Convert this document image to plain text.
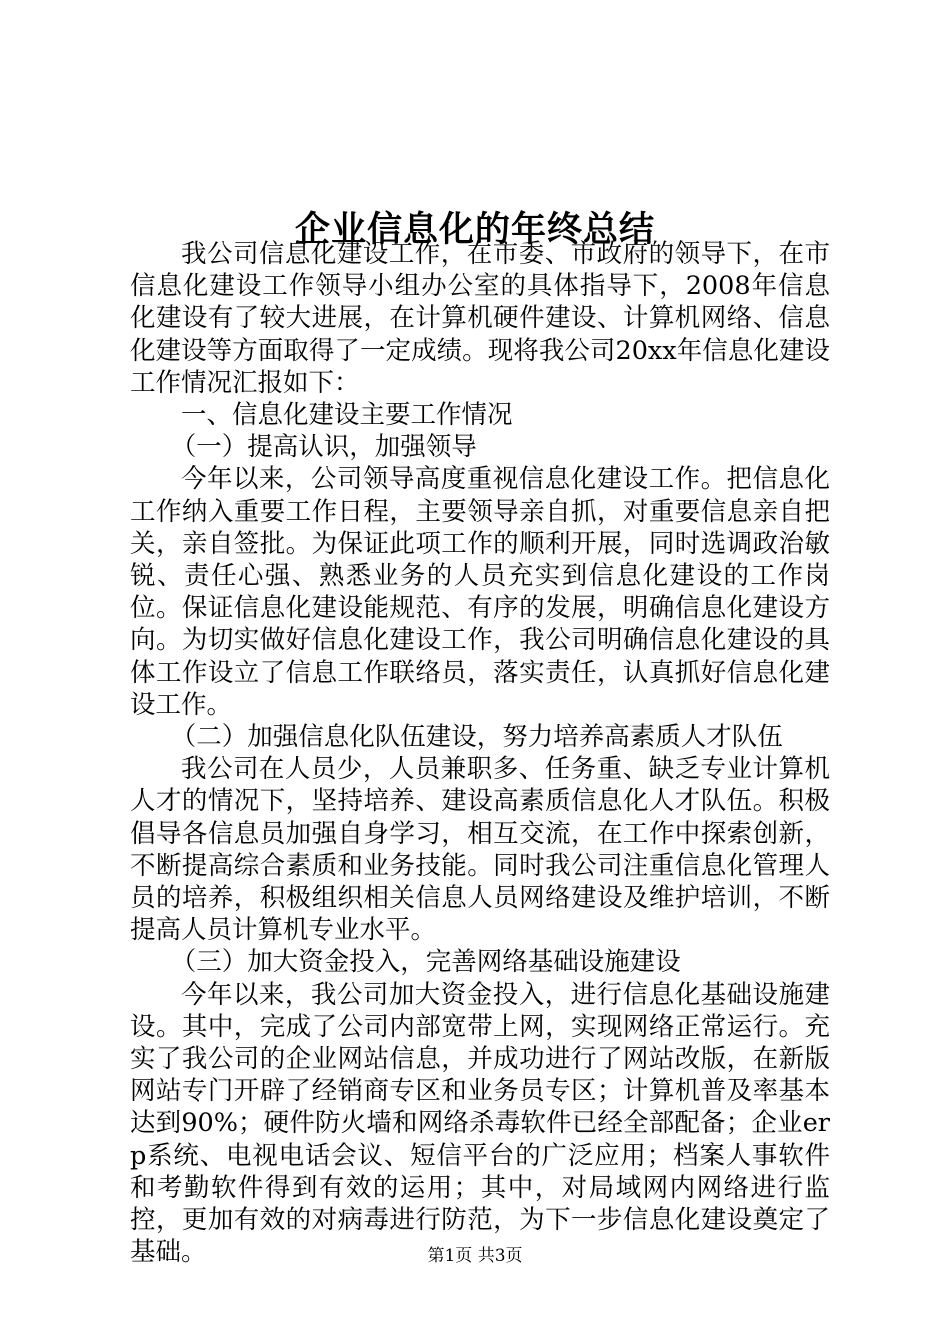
企业信息化的年终总结

我公司信息化建设工作，在市委、市政府的领导下，在市信息化建设工作领导小组办公室的具体指导下，2008年信息化建设有了较大进展，在计算机硬件建设、计算机网络、信息化建设等方面取得了一定成绩。现将我公司20xx年信息化建设工作情况汇报如下：

一、信息化建设主要工作情况

（一）提高认识，加强领导

今年以来，公司领导高度重视信息化建设工作。把信息化工作纳入重要工作日程，主要领导亲自抓，对重要信息亲自把关，亲自签批。为保证此项工作的顺利开展，同时选调政治敏锐、责任心强、熟悉业务的人员充实到信息化建设的工作岗位。保证信息化建设能规范、有序的发展，明确信息化建设方向。为切实做好信息化建设工作，我公司明确信息化建设的具体工作设立了信息工作联络员，落实责任，认真抓好信息化建设工作。

（二）加强信息化队伍建设，努力培养高素质人才队伍

我公司在人员少，人员兼职多、任务重、缺乏专业计算机人才的情况下，坚持培养、建设高素质信息化人才队伍。积极倡导各信息员加强自身学习，相互交流，在工作中探索创新，不断提高综合素质和业务技能。同时我公司注重信息化管理人员的培养，积极组织相关信息人员网络建设及维护培训，不断提高人员计算机专业水平。

（三）加大资金投入，完善网络基础设施建设

今年以来，我公司加大资金投入，进行信息化基础设施建设。其中，完成了公司内部宽带上网，实现网络正常运行。充实了我公司的企业网站信息，并成功进行了网站改版，在新版网站专门开辟了经销商专区和业务员专区；计算机普及率基本达到90%；硬件防火墙和网络杀毒软件已经全部配备；企业erp系统、电视电话会议、短信平台的广泛应用；档案人事软件和考勤软件得到有效的运用；其中，对局域网内网络进行监控，更加有效的对病毒进行防范，为下一步信息化建设奠定了基础。	第1页 共3页
